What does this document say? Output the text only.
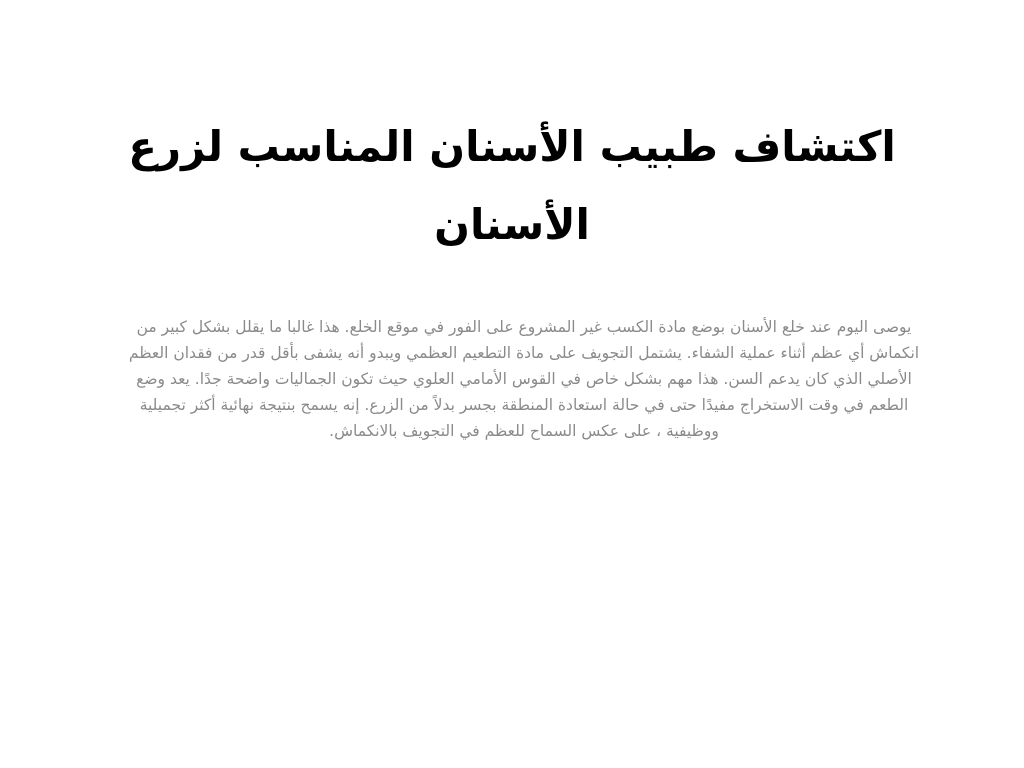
اكتشاف طبيب الأسنان المناسب لزرع الأسنان

يوصى اليوم عند خلع الأسنان بوضع مادة الكسب غير المشروع على الفور في موقع الخلع. هذا غالبا ما يقلل بشكل كبير من انكماش أي عظم أثناء عملية الشفاء. يشتمل التجويف على مادة التطعيم العظمي ويبدو أنه يشفى بأقل قدر من فقدان العظم الأصلي الذي كان يدعم السن. هذا مهم بشكل خاص في القوس الأمامي العلوي حيث تكون الجماليات واضحة جدًا. يعد وضع الطعم في وقت الاستخراج مفيدًا حتى في حالة استعادة المنطقة بجسر بدلاً من الزرع. إنه يسمح بنتيجة نهائية أكثر تجميلية ووظيفية ، على عكس السماح للعظم في التجويف بالانكماش.
